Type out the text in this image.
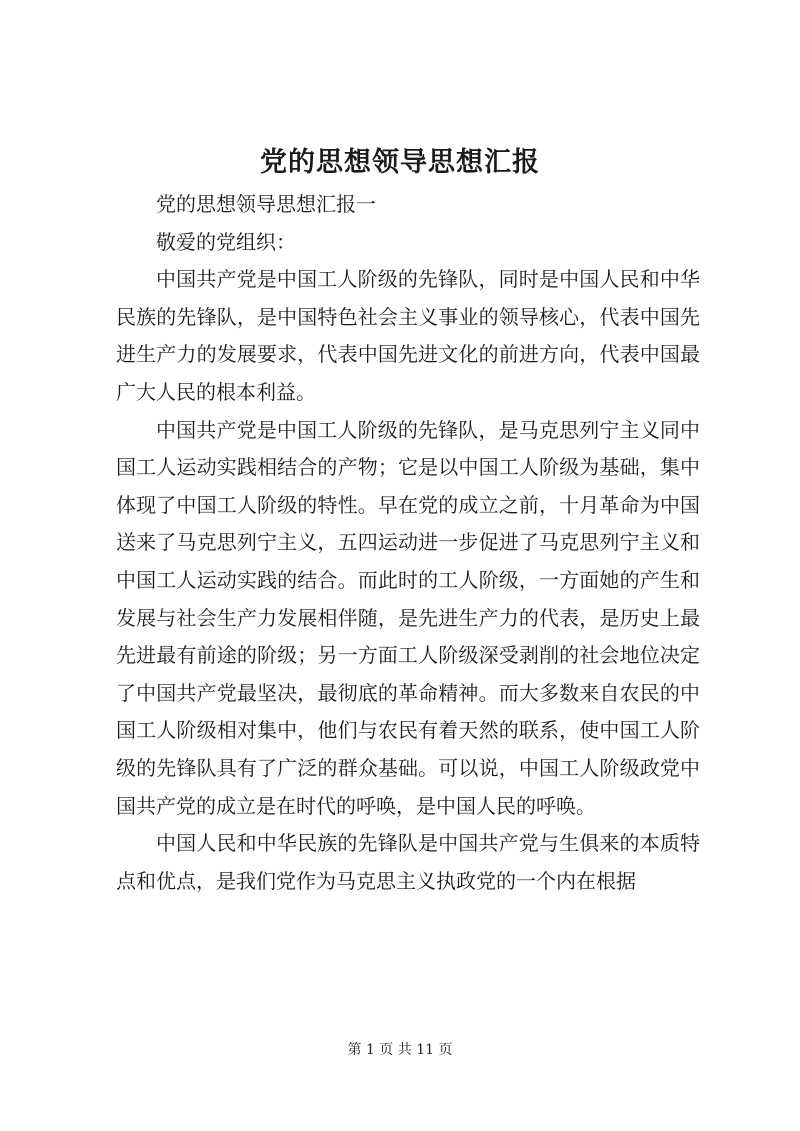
党的思想领导思想汇报

党的思想领导思想汇报一

敬爱的党组织：

中国共产党是中国工人阶级的先锋队，同时是中国人民和中华民族的先锋队，是中国特色社会主义事业的领导核心，代表中国先进生产力的发展要求，代表中国先进文化的前进方向，代表中国最广大人民的根本利益。

中国共产党是中国工人阶级的先锋队，是马克思列宁主义同中国工人运动实践相结合的产物；它是以中国工人阶级为基础，集中体现了中国工人阶级的特性。早在党的成立之前，十月革命为中国送来了马克思列宁主义，五四运动进一步促进了马克思列宁主义和中国工人运动实践的结合。而此时的工人阶级，一方面她的产生和发展与社会生产力发展相伴随，是先进生产力的代表，是历史上最先进最有前途的阶级；另一方面工人阶级深受剥削的社会地位决定了中国共产党最坚决，最彻底的革命精神。而大多数来自农民的中国工人阶级相对集中，他们与农民有着天然的联系，使中国工人阶级的先锋队具有了广泛的群众基础。可以说，中国工人阶级政党中国共产党的成立是在时代的呼唤，是中国人民的呼唤。

中国人民和中华民族的先锋队是中国共产党与生俱来的本质特点和优点，是我们党作为马克思主义执政党的一个内在根据

第 1 页 共 11 页
